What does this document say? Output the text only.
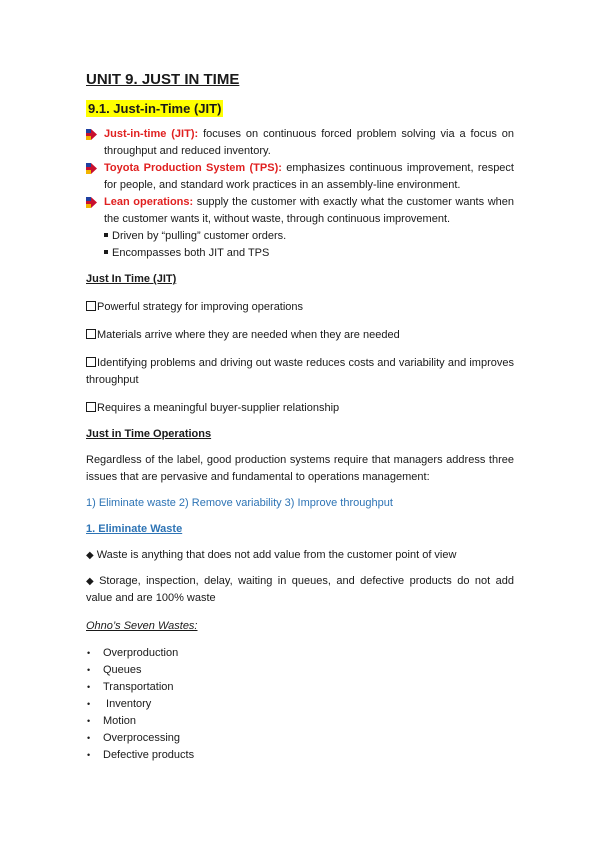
UNIT 9. JUST IN TIME
9.1. Just-in-Time (JIT)
Just-in-time (JIT): focuses on continuous forced problem solving via a focus on throughput and reduced inventory.
Toyota Production System (TPS): emphasizes continuous improvement, respect for people, and standard work practices in an assembly-line environment.
Lean operations: supply the customer with exactly what the customer wants when the customer wants it, without waste, through continuous improvement.
Driven by “pulling” customer orders.
Encompasses both JIT and TPS
Just In Time (JIT)
Powerful strategy for improving operations
Materials arrive where they are needed when they are needed
Identifying problems and driving out waste reduces costs and variability and improves throughput
Requires a meaningful buyer-supplier relationship
Just in Time Operations
Regardless of the label, good production systems require that managers address three issues that are pervasive and fundamental to operations management:
1) Eliminate waste 2) Remove variability 3) Improve throughput
1. Eliminate Waste
◆ Waste is anything that does not add value from the customer point of view
◆ Storage, inspection, delay, waiting in queues, and defective products do not add value and are 100% waste
Ohno’s Seven Wastes:
• Overproduction
• Queues
• Transportation
• Inventory
• Motion
• Overprocessing
• Defective products
